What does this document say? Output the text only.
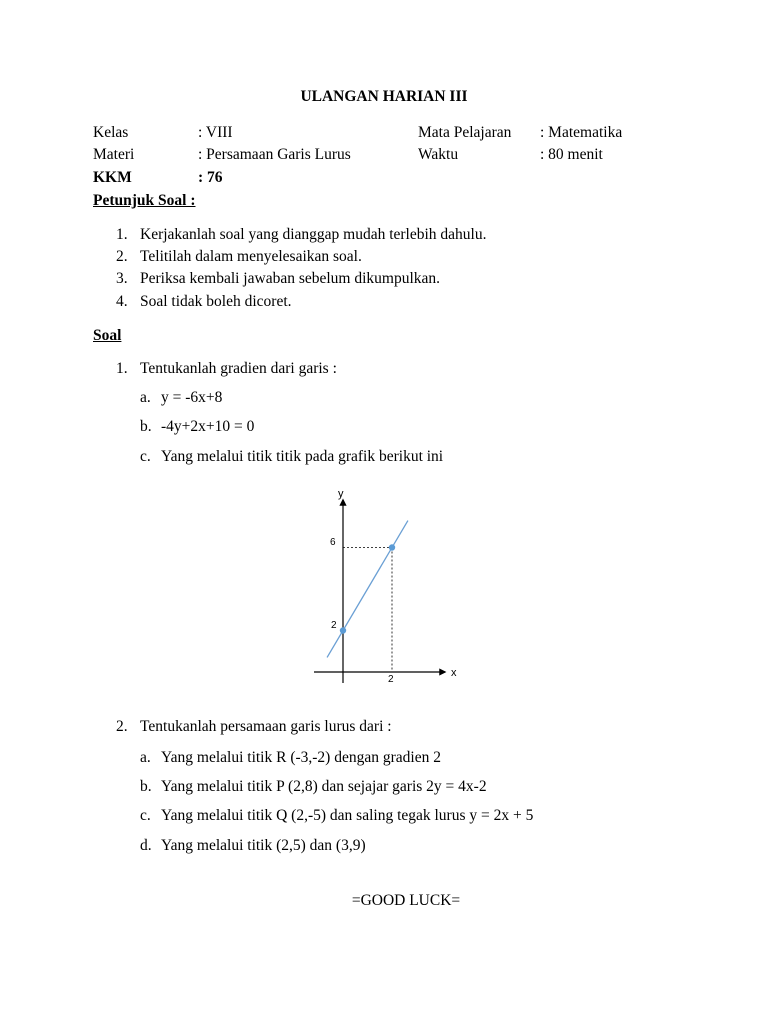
ULANGAN HARIAN III
Kelas	: VIII	Mata Pelajaran : Matematika
Materi	: Persamaan Garis Lurus	Waktu	: 80 menit
KKM	: 76
Petunjuk Soal :
1. Kerjakanlah soal yang dianggap mudah terlebih dahulu.
2. Telitilah dalam menyelesaikan soal.
3. Periksa kembali jawaban sebelum dikumpulkan.
4. Soal tidak boleh dicoret.
Soal
1. Tentukanlah gradien dari garis :
a. y = -6x+8
b. -4y+2x+10 = 0
c. Yang melalui titik titik pada grafik berikut ini
y
x
6
2
2
2. Tentukanlah persamaan garis lurus dari :
a. Yang melalui titik R (-3,-2) dengan gradien 2
b. Yang melalui titik P (2,8) dan sejajar garis 2y = 4x-2
c. Yang melalui titik Q (2,-5) dan saling tegak lurus y = 2x + 5
d. Yang melalui titik (2,5) dan (3,9)
=GOOD LUCK=
